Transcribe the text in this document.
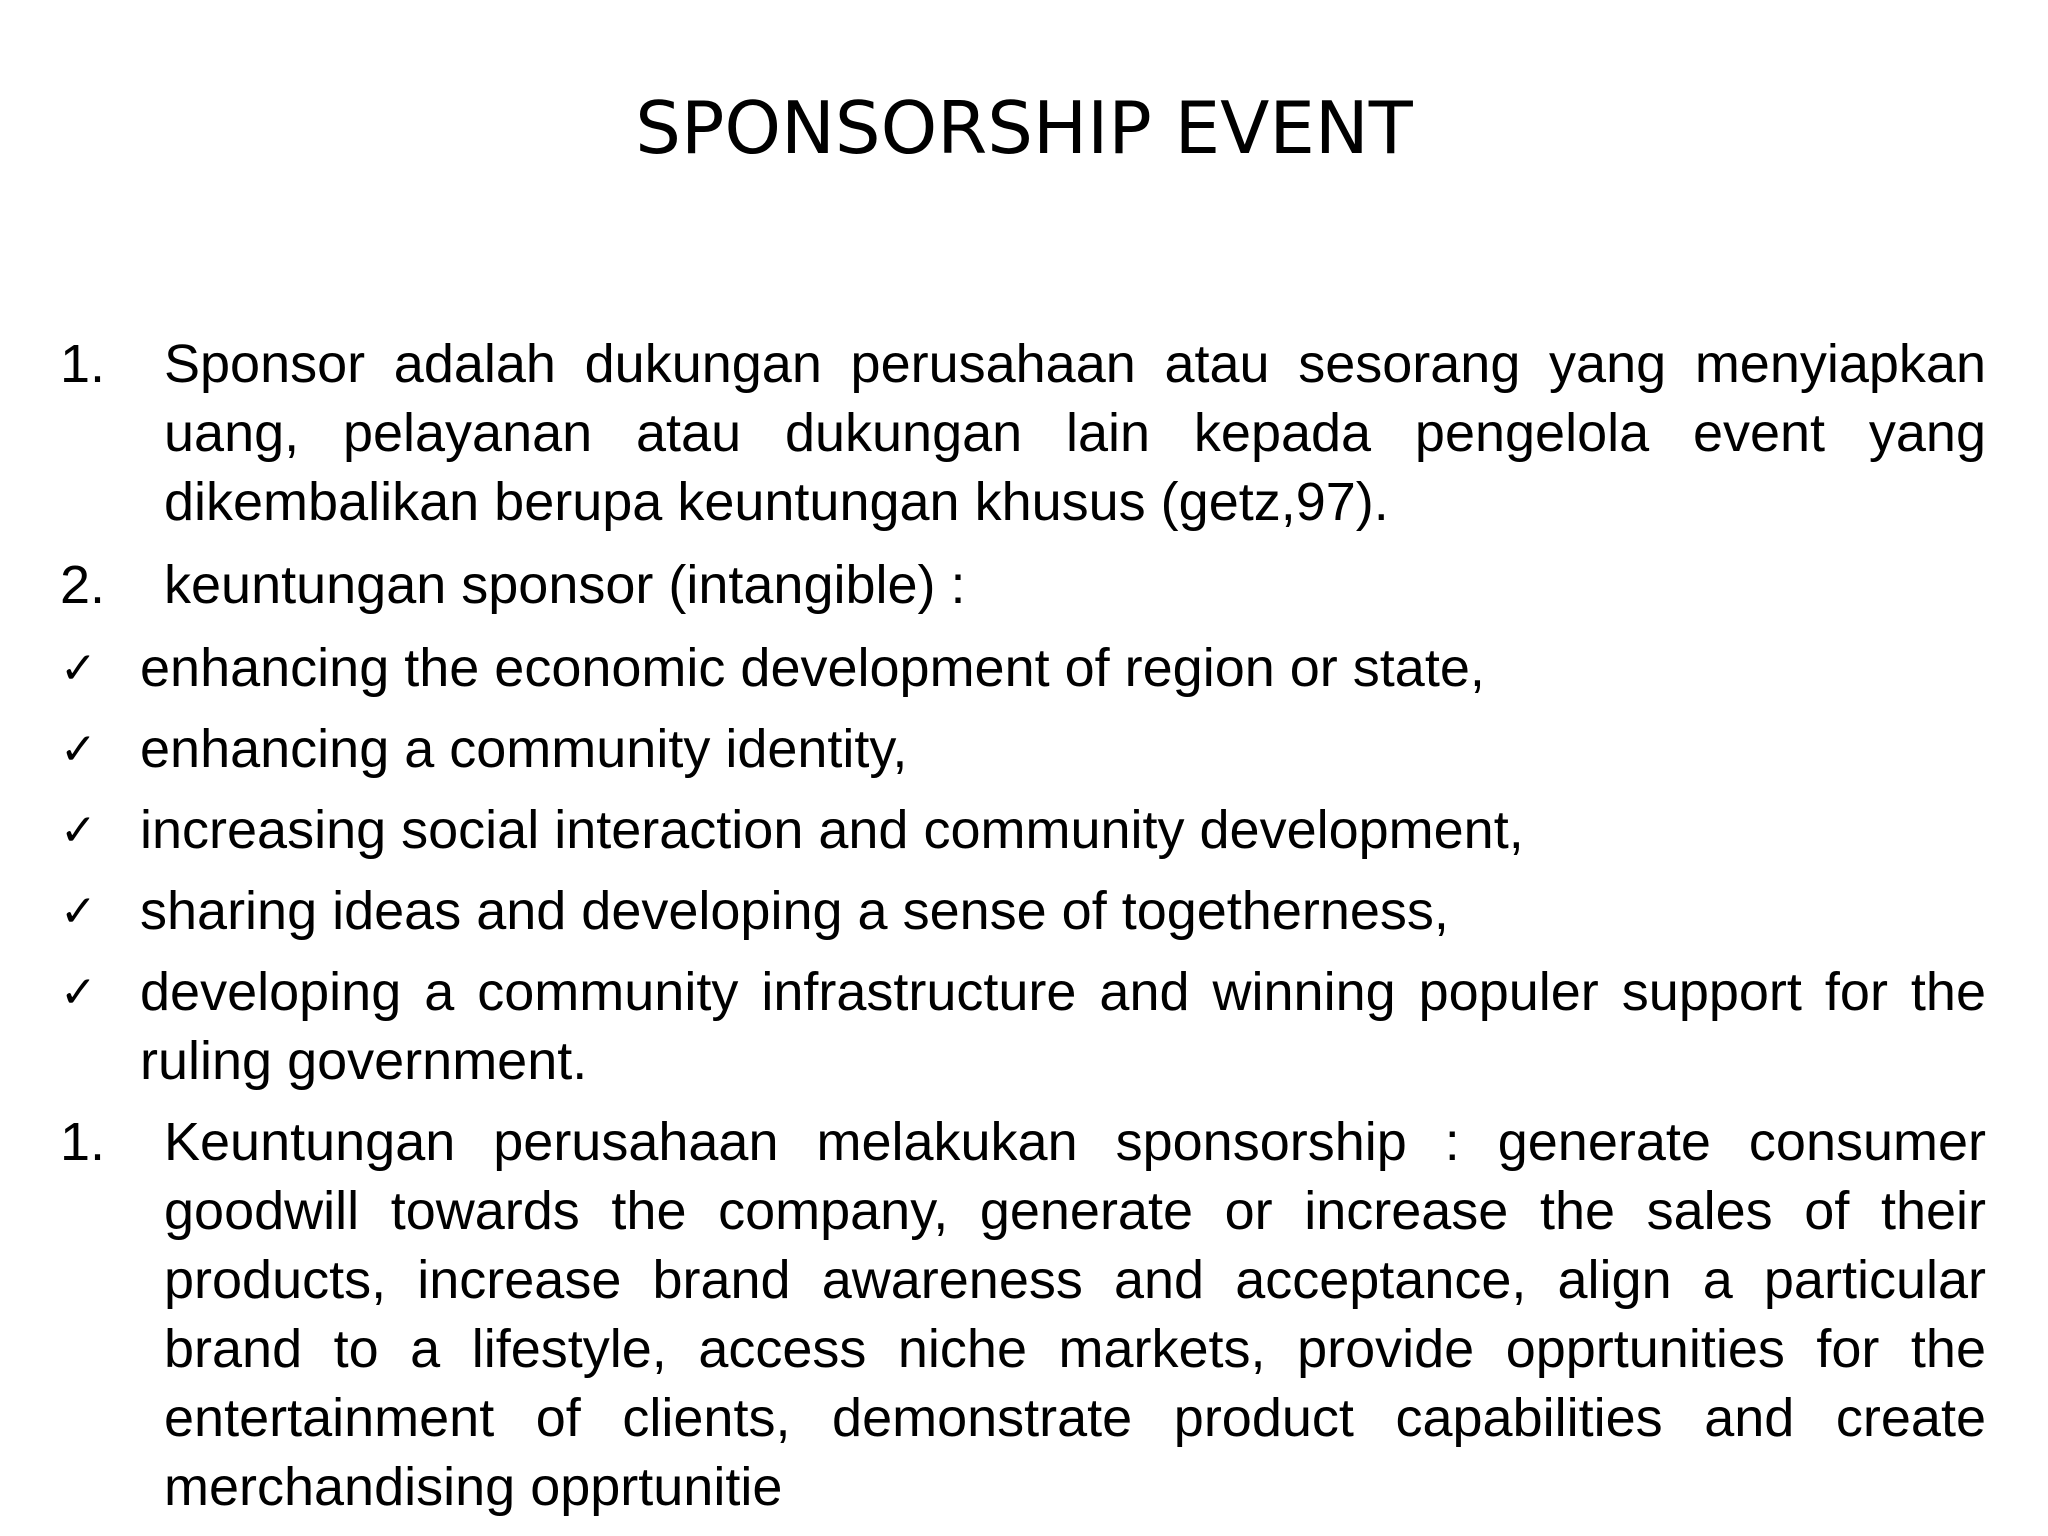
SPONSORSHIP EVENT
1.	Sponsor adalah dukungan perusahaan atau sesorang yang menyiapkan uang, pelayanan atau dukungan lain kepada pengelola event yang dikembalikan berupa keuntungan khusus (getz,97).
2.	keuntungan sponsor (intangible) :
✓ enhancing the economic development of region or state,
✓ enhancing a community identity,
✓ increasing social interaction and community development,
✓ sharing ideas and developing a sense of togetherness,
✓ developing a community infrastructure and winning populer support for the ruling government.
1.	Keuntungan perusahaan melakukan sponsorship : generate consumer goodwill towards the company, generate or increase the sales of their products, increase brand awareness and acceptance, align a particular brand to a lifestyle, access niche markets, provide opprtunities for the entertainment of clients, demonstrate product capabilities and create merchandising opprtunitie
